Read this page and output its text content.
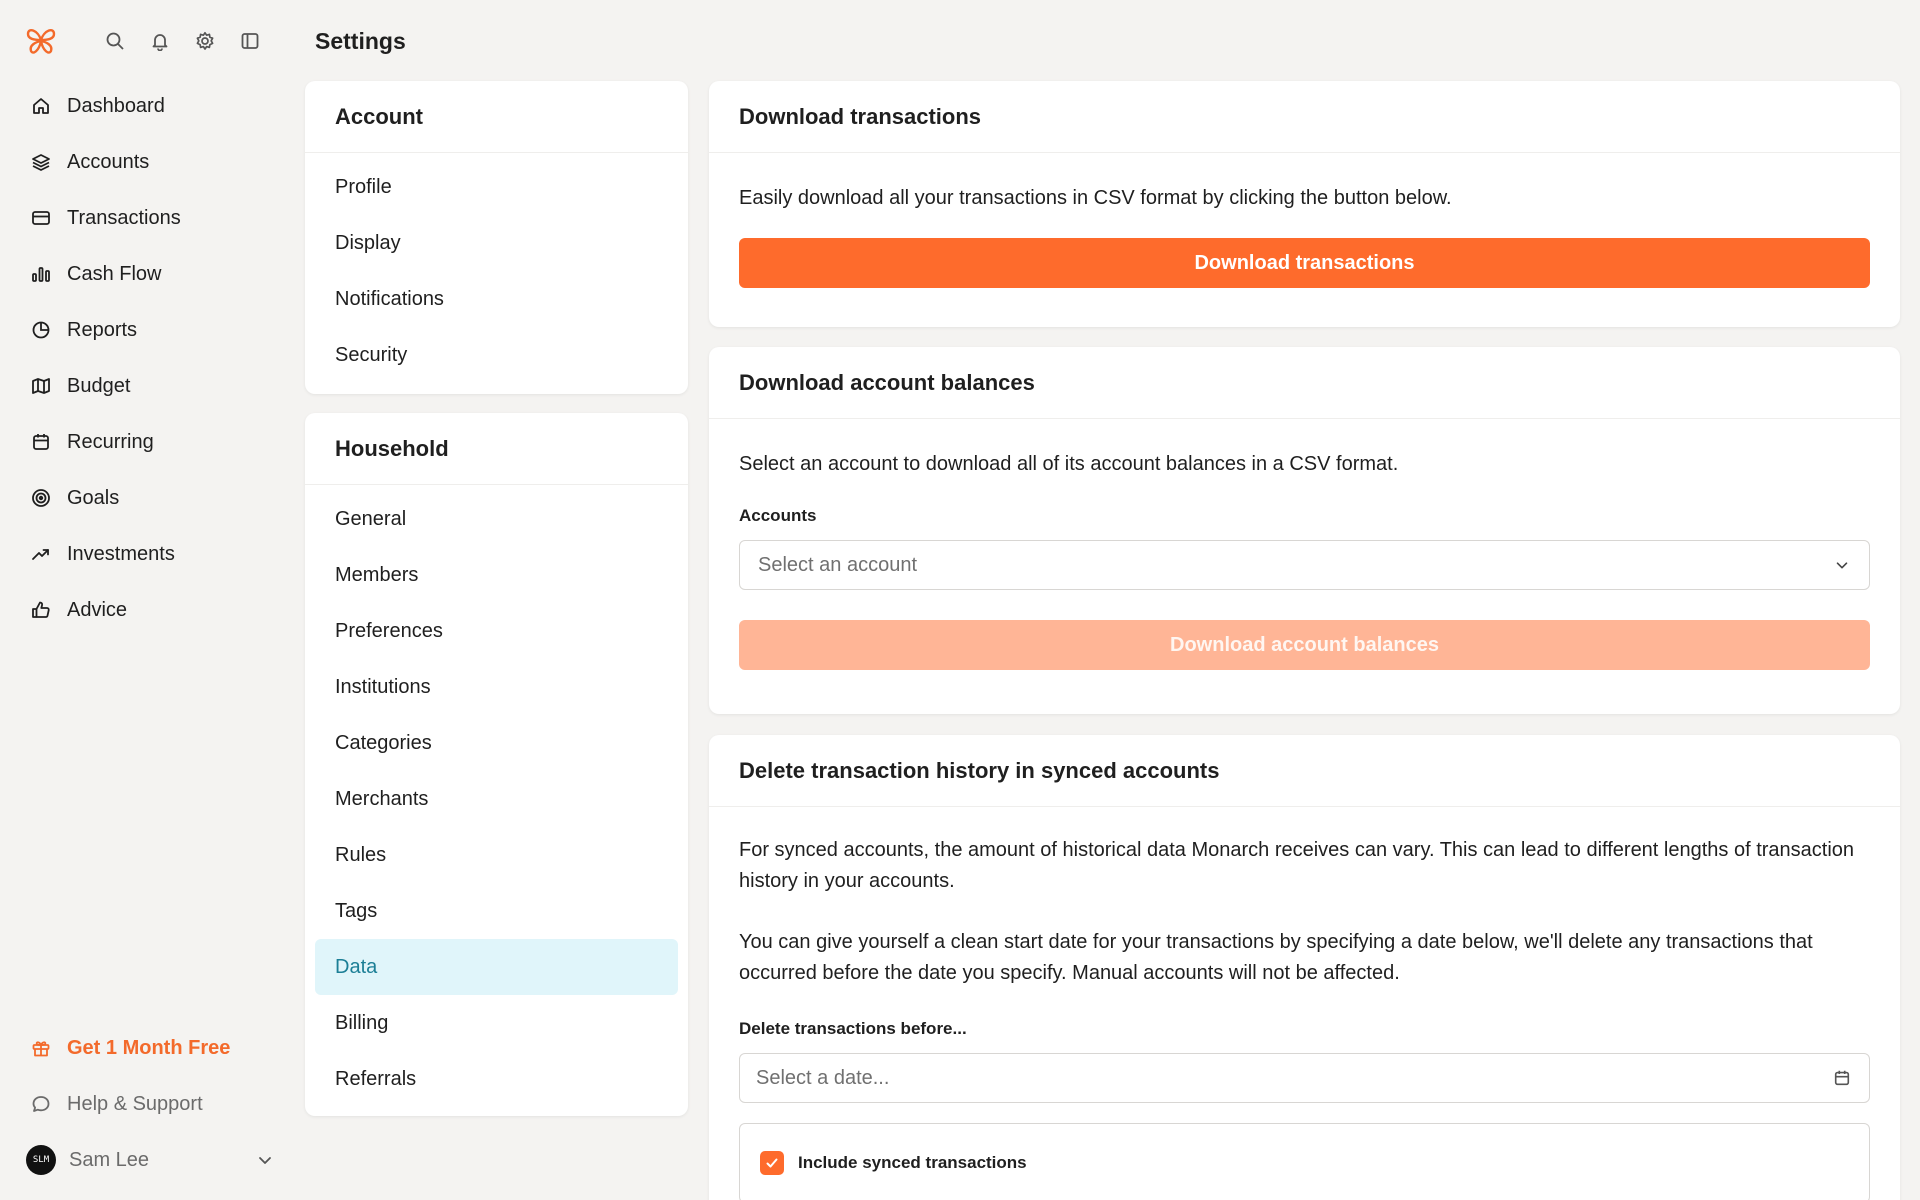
Dashboard
Accounts
Transactions
Cash Flow
Reports
Budget
Recurring
Goals
Investments
Advice
Get 1 Month Free
Help & Support
SLM Sam Lee
Settings
Account
Profile
Display
Notifications
Security
Household
General
Members
Preferences
Institutions
Categories
Merchants
Rules
Tags
Data
Billing
Referrals
Download transactions
Easily download all your transactions in CSV format by clicking the button below.
Download transactions
Download account balances
Select an account to download all of its account balances in a CSV format.
Accounts
Select an account
Download account balances
Delete transaction history in synced accounts
For synced accounts, the amount of historical data Monarch receives can vary. This can lead to different lengths of transaction history in your accounts.
You can give yourself a clean start date for your transactions by specifying a date below, we'll delete any transactions that occurred before the date you specify. Manual accounts will not be affected.
Delete transactions before...
Select a date...
Include synced transactions
